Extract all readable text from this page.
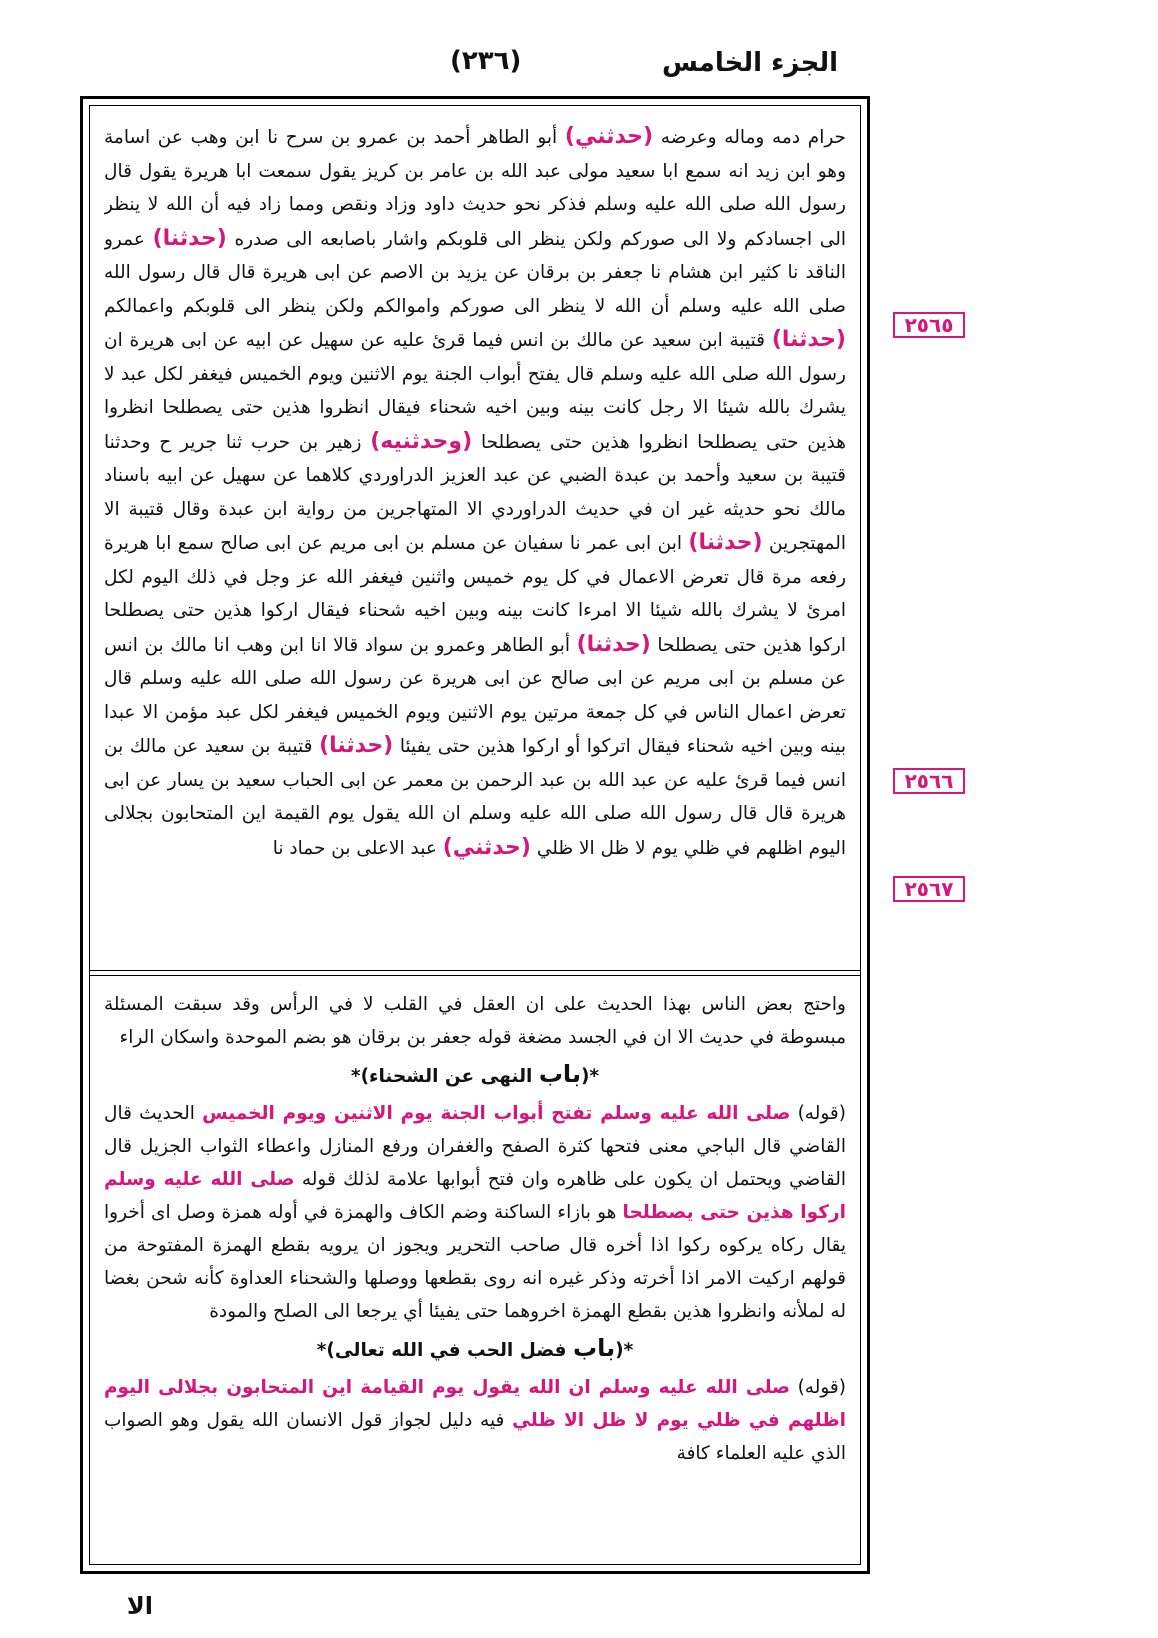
الجزء الخامس
(٢٣٦)
حرام دمه وماله وعرضه (حدثني) أبو الطاهر أحمد بن عمرو بن سرح نا ابن وهب عن اسامة وهو ابن زيد انه سمع ابا سعيد مولى عبد الله بن عامر بن كريز يقول سمعت ابا هريرة يقول قال رسول الله صلى الله عليه وسلم فذكر نحو حديث داود وزاد ونقص ومما زاد فيه أن الله لا ينظر الى اجسادكم ولا الى صوركم ولكن ينظر الى قلوبكم واشار باصابعه الى صدره (حدثنا) عمرو الناقد نا كثير ابن هشام نا جعفر بن برقان عن يزيد بن الاصم عن ابى هريرة قال قال رسول الله صلى الله عليه وسلم أن الله لا ينظر الى صوركم واموالكم ولكن ينظر الى قلوبكم واعمالكم (حدثنا) قتيبة ابن سعيد عن مالك بن انس فيما قرئ عليه عن سهيل عن ابيه عن ابى هريرة ان رسول الله صلى الله عليه وسلم قال يفتح أبواب الجنة يوم الاثنين ويوم الخميس فيغفر لكل عبد لا يشرك بالله شيئا الا رجل كانت بينه وبين اخيه شحناء فيقال انظروا هذين حتى يصطلحا انظروا هذين حتى يصطلحا انظروا هذين حتى يصطلحا (وحدثنيه) زهير بن حرب ثنا جرير ح وحدثنا قتيبة بن سعيد وأحمد بن عبدة الضبي عن عبد العزيز الدراوردي كلاهما عن سهيل عن ابيه باسناد مالك نحو حديثه غير ان في حديث الدراوردي الا المتهاجرين من رواية ابن عبدة وقال قتيبة الا المهتجرين (حدثنا) ابن ابى عمر نا سفيان عن مسلم بن ابى مريم عن ابى صالح سمع ابا هريرة رفعه مرة قال تعرض الاعمال في كل يوم خميس واثنين فيغفر الله عز وجل في ذلك اليوم لكل امرئ لا يشرك بالله شيئا الا امرءا كانت بينه وبين اخيه شحناء فيقال اركوا هذين حتى يصطلحا اركوا هذين حتى يصطلحا (حدثنا) أبو الطاهر وعمرو بن سواد قالا انا ابن وهب انا مالك بن انس عن مسلم بن ابى مريم عن ابى صالح عن ابى هريرة عن رسول الله صلى الله عليه وسلم قال تعرض اعمال الناس في كل جمعة مرتين يوم الاثنين ويوم الخميس فيغفر لكل عبد مؤمن الا عبدا بينه وبين اخيه شحناء فيقال اتركوا أو اركوا هذين حتى يفيئا (حدثنا) قتيبة بن سعيد عن مالك بن انس فيما قرئ عليه عن عبد الله بن عبد الرحمن بن معمر عن ابى الحباب سعيد بن يسار عن ابى هريرة قال قال رسول الله صلى الله عليه وسلم ان الله يقول يوم القيمة اين المتحابون بجلالى اليوم اظلهم في ظلي يوم لا ظل الا ظلي (حدثني) عبد الاعلى بن حماد نا
واحتج بعض الناس بهذا الحديث على ان العقل في القلب لا في الرأس وقد سبقت المسئلة مبسوطة في حديث الا ان في الجسد مضغة قوله جعفر بن برقان هو بضم الموحدة واسكان الراء
*(باب النهى عن الشحناء)*
(قوله) صلى الله عليه وسلم تفتح أبواب الجنة يوم الاثنين ويوم الخميس الحديث قال القاضي قال الباجي معنى فتحها كثرة الصفح والغفران ورفع المنازل واعطاء الثواب الجزيل قال القاضي ويحتمل ان يكون على ظاهره وان فتح أبوابها علامة لذلك قوله صلى الله عليه وسلم اركوا هذين حتى يصطلحا هو بازاء الساكنة وضم الكاف والهمزة في أوله همزة وصل اى أخروا يقال ركاه يركوه ركوا اذا أخره قال صاحب التحرير ويجوز ان يرويه بقطع الهمزة المفتوحة من قولهم اركيت الامر اذا أخرته وذكر غيره انه روى بقطعها ووصلها والشحناء العداوة كأنه شحن بغضا له لملأنه وانظروا هذين بقطع الهمزة اخروهما حتى يفيئا أي يرجعا الى الصلح والمودة
*(باب فضل الحب في الله تعالى)*
(قوله) صلى الله عليه وسلم ان الله يقول يوم القيامة اين المتحابون بجلالى اليوم اظلهم في ظلي يوم لا ظل الا ظلي فيه دليل لجواز قول الانسان الله يقول وهو الصواب الذي عليه العلماء كافة
٢٥٦٥
٢٥٦٦
٢٥٦٧
الا
